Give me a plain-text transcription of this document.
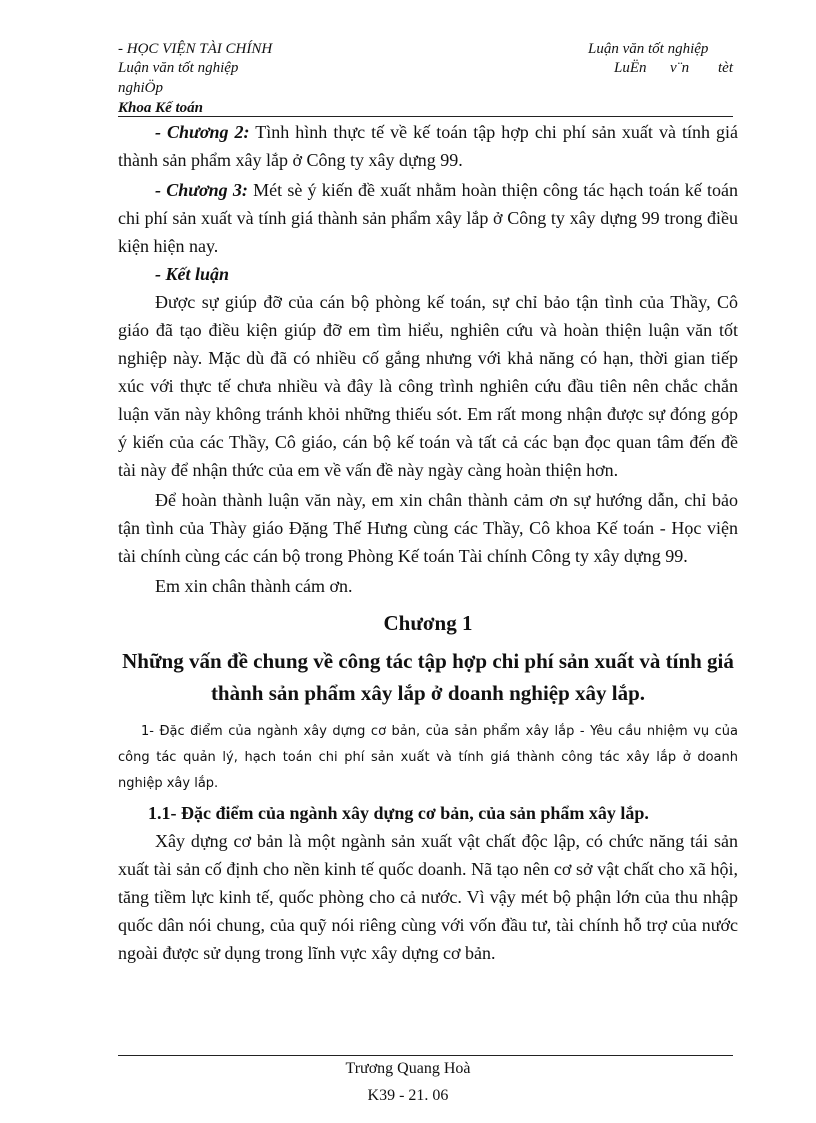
- HỌC VIỆN TÀI CHÍNH	Luận văn tốt nghiệp
Luận văn tốt nghiệp	LuËn v¨n tèt
nghiÖp
Khoa Kế toán

- Chương 2: Tình hình thực tế về kế toán tập hợp chi phí sản xuất và tính giá thành sản phẩm xây lắp ở Công ty xây dựng 99.

- Chương 3: Mét sè ý kiến đề xuất nhằm hoàn thiện công tác hạch toán kế toán chi phí sản xuất và tính giá thành sản phẩm xây lắp ở Công ty xây dựng 99 trong điều kiện hiện nay.

- Kết luận

Được sự giúp đỡ của cán bộ phòng kế toán, sự chỉ bảo tận tình của Thầy, Cô giáo đã tạo điều kiện giúp đỡ em tìm hiểu, nghiên cứu và hoàn thiện luận văn tốt nghiệp này. Mặc dù đã có nhiều cố gắng nhưng với khả năng có hạn, thời gian tiếp xúc với thực tế chưa nhiều và đây là công trình nghiên cứu đầu tiên nên chắc chắn luận văn này không tránh khỏi những thiếu sót. Em rất mong nhận được sự đóng góp ý kiến của các Thầy, Cô giáo, cán bộ kế toán và tất cả các bạn đọc quan tâm đến đề tài này để nhận thức của em về vấn đề này ngày càng hoàn thiện hơn.

Để hoàn thành luận văn này, em xin chân thành cảm ơn sự hướng dẫn, chỉ bảo tận tình của Thày giáo Đặng Thế Hưng cùng các Thầy, Cô khoa Kế toán - Học viện tài chính cùng các cán bộ trong Phòng Kế toán Tài chính Công ty xây dựng 99.

Em xin chân thành cám ơn.

Chương 1
Những vấn đề chung về công tác tập hợp chi phí sản xuất và tính giá thành sản phẩm xây lắp ở doanh nghiệp xây lắp.

1- Đặc điểm của ngành xây dựng cơ bản, của sản phẩm xây lắp - Yêu cầu nhiệm vụ của công tác quản lý, hạch toán chi phí sản xuất và tính giá thành công tác xây lắp ở doanh nghiệp xây lắp.

1.1- Đặc điểm của ngành xây dựng cơ bản, của sản phẩm xây lắp.

Xây dựng cơ bản là một ngành sản xuất vật chất độc lập, có chức năng tái sản xuất tài sản cố định cho nền kinh tế quốc doanh. Nã tạo nên cơ sở vật chất cho xã hội, tăng tiềm lực kinh tế, quốc phòng cho cả nước. Vì vậy mét bộ phận lớn của thu nhập quốc dân nói chung, của quỹ nói riêng cùng với vốn đầu tư, tài chính hỗ trợ của nước ngoài được sử dụng trong lĩnh vực xây dựng cơ bản.

Trương Quang Hoà
K39 - 21. 06
